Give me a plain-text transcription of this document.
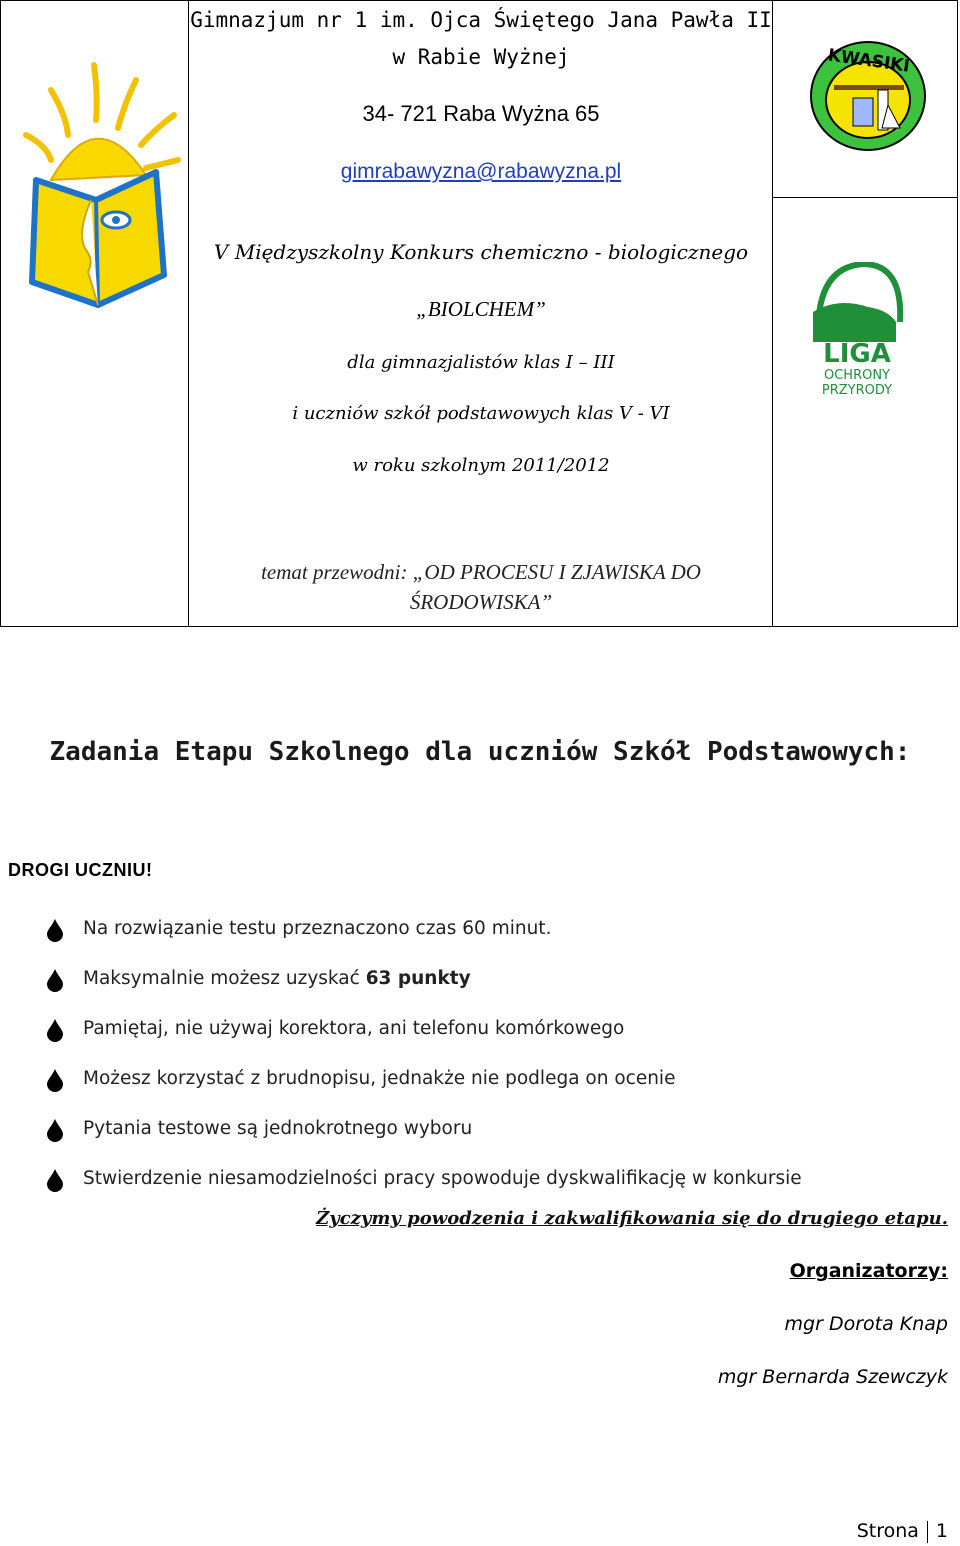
Gimnazjum nr 1 im. Ojca Świętego Jana Pawła II
w Rabie Wyżnej
34- 721 Raba Wyżna 65
gimrabawyzna@rabawyzna.pl
V Międzyszkolny Konkurs chemiczno - biologicznego
„BIOLCHEM”
dla gimnazjalistów klas I – III
i uczniów szkół podstawowych klas V - VI
w roku szkolnym 2011/2012
temat przewodni: „OD PROCESU I ZJAWISKA DO ŚRODOWISKA”
KWASIKI
LIGA
OCHRONY
PRZYRODY
Zadania Etapu Szkolnego dla uczniów Szkół Podstawowych:
DROGI UCZNIU!
Na rozwiązanie testu przeznaczono czas 60 minut.
Maksymalnie możesz uzyskać 63 punkty
Pamiętaj, nie używaj korektora, ani telefonu komórkowego
Możesz korzystać z brudnopisu, jednakże nie podlega on ocenie
Pytania testowe są jednokrotnego wyboru
Stwierdzenie niesamodzielności pracy spowoduje dyskwalifikację w konkursie
Życzymy powodzenia i zakwalifikowania się do drugiego etapu.
Organizatorzy:
mgr Dorota Knap
mgr Bernarda Szewczyk
Strona 1
